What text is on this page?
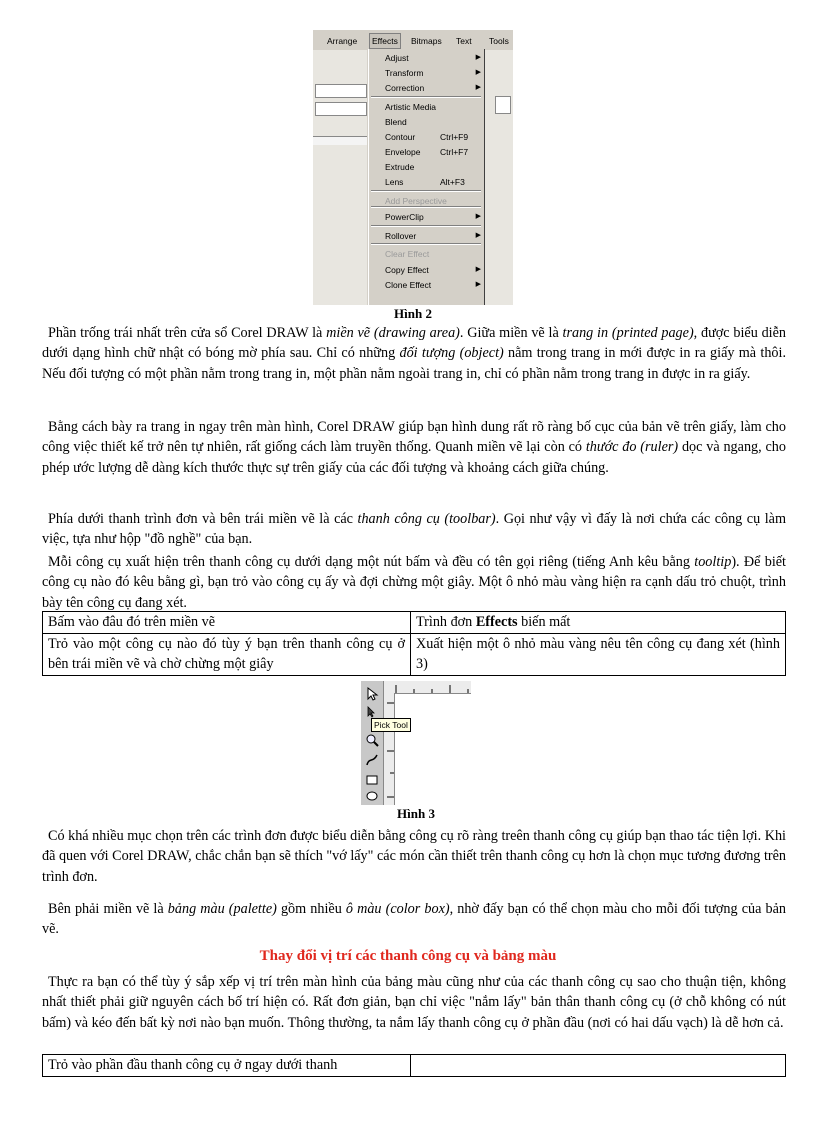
Arrange	Effects	Bitmaps Text Tools
Adjust	▶
Transform	▶
Correction	▶
Artistic Media
Blend
Contour	Ctrl+F9
Envelope Ctrl+F7
Extrude
Lens	Alt+F3
Add Perspective
PowerClip	▶
Rollover	▶
Clear Effect
Copy Effect	▶
Clone Effect	▶
Hình 2

Phần trống trái nhất trên cửa sổ Corel DRAW là miền vẽ (drawing area). Giữa miền vẽ là trang in (printed page), được biểu diễn dưới dạng hình chữ nhật có bóng mờ phía sau. Chỉ có những đối tượng (object) nằm trong trang in mới được in ra giấy mà thôi. Nếu đối tượng có một phần nằm trong trang in, một phần nằm ngoài trang in, chỉ có phần nằm trong trang in được in ra giấy.

Bằng cách bày ra trang in ngay trên màn hình, Corel DRAW giúp bạn hình dung rất rõ ràng bố cục của bản vẽ trên giấy, làm cho công việc thiết kế trở nên tự nhiên, rất giống cách làm truyền thống. Quanh miền vẽ lại còn có thước đo (ruler) dọc và ngang, cho phép ước lượng dễ dàng kích thước thực sự trên giấy của các đối tượng và khoảng cách giữa chúng.

Phía dưới thanh trình đơn và bên trái miền vẽ là các thanh công cụ (toolbar). Gọi như vậy vì đấy là nơi chứa các công cụ làm việc, tựa như hộp "đồ nghề" của bạn.

Mỗi công cụ xuất hiện trên thanh công cụ dưới dạng một nút bấm và đều có tên gọi riêng (tiếng Anh kêu bằng tooltip). Để biết công cụ nào đó kêu bằng gì, bạn trỏ vào công cụ ấy và đợi chừng một giây. Một ô nhỏ màu vàng hiện ra cạnh dấu trỏ chuột, trình bày tên công cụ đang xét.

Bấm vào đâu đó trên miền vẽ	Trình đơn Effects biến mất
Trỏ vào một công cụ nào đó tùy ý bạn trên thanh công cụ ở bên trái miền vẽ và chờ chừng một giây	Xuất hiện một ô nhỏ màu vàng nêu tên công cụ đang xét (hình 3)
Pick Tool
Hình 3

Có khá nhiều mục chọn trên các trình đơn được biểu diễn bằng công cụ rõ ràng treên thanh công cụ giúp bạn thao tác tiện lợi. Khi đã quen với Corel DRAW, chắc chắn bạn sẽ thích "vớ lấy" các món cần thiết trên thanh công cụ hơn là chọn mục tương đương trên trình đơn.

Bên phải miền vẽ là bảng màu (palette) gồm nhiều ô màu (color box), nhờ đấy bạn có thể chọn màu cho mỗi đối tượng của bản vẽ.

Thay đổi vị trí các thanh công cụ và bảng màu

Thực ra bạn có thể tùy ý sắp xếp vị trí trên màn hình của bảng màu cũng như của các thanh công cụ sao cho thuận tiện, không nhất thiết phải giữ nguyên cách bố trí hiện có. Rất đơn giản, bạn chỉ việc "nắm lấy" bản thân thanh công cụ (ở chỗ không có nút bấm) và kéo đến bất kỳ nơi nào bạn muốn. Thông thường, ta nắm lấy thanh công cụ ở phần đầu (nơi có hai dấu vạch) là dễ hơn cả.

Trỏ vào phần đầu thanh công cụ ở ngay dưới thanh	
